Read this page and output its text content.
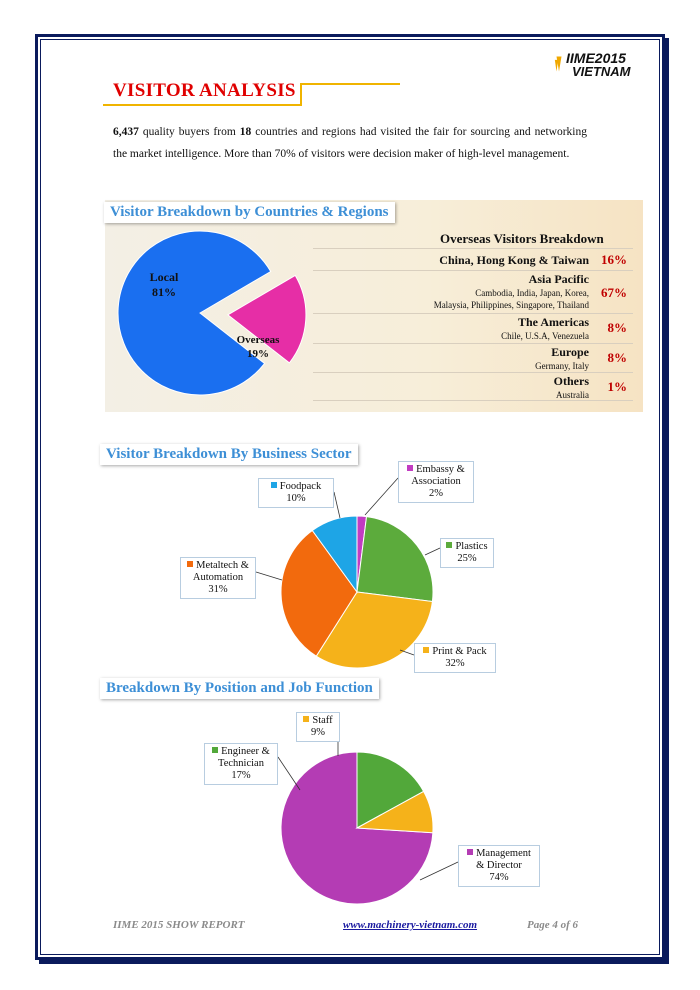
IIME2015
VIETNAM
VISITOR ANALYSIS

6,437 quality buyers from 18 countries and regions had visited the fair for sourcing and networking the market intelligence. More than 70% of visitors were decision maker of high-level management.

Visitor Breakdown by Countries & Regions
Overseas Visitors Breakdown
China, Hong Kong & Taiwan 16%
Asia Pacific
Cambodia, India, Japan, Korea,
Malaysia, Philippines, Singapore, Thailand
67%
The Americas
Chile, U.S.A, Venezuela
8%
Europe
Germany, Italy
8%
Others
Australia
1%
Local
81%
Overseas
19%
Visitor Breakdown By Business Sector
Embassy & Association
2%
Plastics
25%
Print & Pack
32%
Metaltech & Automation
31%
Foodpack
10%
Breakdown By Position and Job Function
Staff
9%
Engineer & Technician
17%
Management & Director
74%
IIME 2015 SHOW REPORT	www.machinery-vietnam.com	Page 4 of 6
